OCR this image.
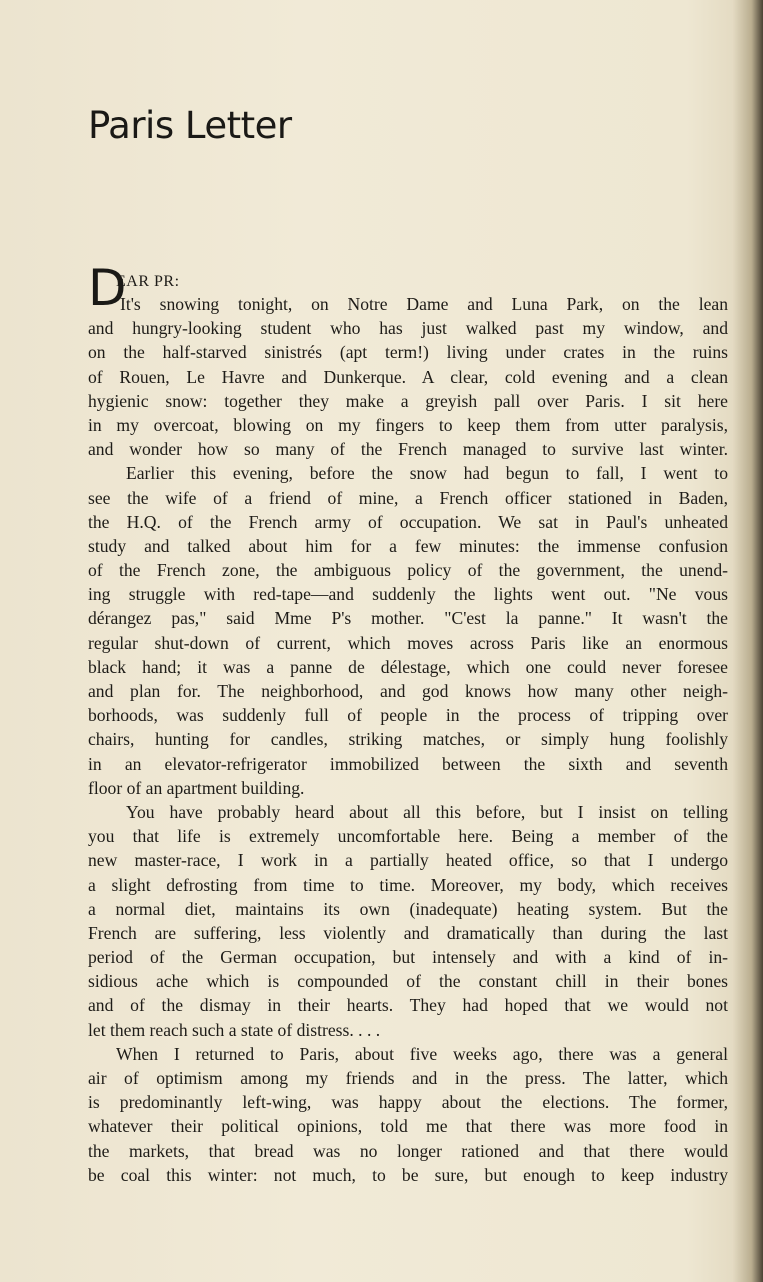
Paris Letter
D
EAR PR:
It's snowing tonight, on Notre Dame and Luna Park, on the lean
and hungry-looking student who has just walked past my window, and
on the half-starved sinistrés (apt term!) living under crates in the ruins
of Rouen, Le Havre and Dunkerque. A clear, cold evening and a clean
hygienic snow: together they make a greyish pall over Paris. I sit here
in my overcoat, blowing on my fingers to keep them from utter paralysis,
and wonder how so many of the French managed to survive last winter.
Earlier this evening, before the snow had begun to fall, I went to
see the wife of a friend of mine, a French officer stationed in Baden,
the H.Q. of the French army of occupation. We sat in Paul's unheated
study and talked about him for a few minutes: the immense confusion
of the French zone, the ambiguous policy of the government, the unend-
ing struggle with red-tape—and suddenly the lights went out. "Ne vous
dérangez pas," said Mme P's mother. "C'est la panne." It wasn't the
regular shut-down of current, which moves across Paris like an enormous
black hand; it was a panne de délestage, which one could never foresee
and plan for. The neighborhood, and god knows how many other neigh-
borhoods, was suddenly full of people in the process of tripping over
chairs, hunting for candles, striking matches, or simply hung foolishly
in an elevator-refrigerator immobilized between the sixth and seventh
floor of an apartment building.
You have probably heard about all this before, but I insist on telling
you that life is extremely uncomfortable here. Being a member of the
new master-race, I work in a partially heated office, so that I undergo
a slight defrosting from time to time. Moreover, my body, which receives
a normal diet, maintains its own (inadequate) heating system. But the
French are suffering, less violently and dramatically than during the last
period of the German occupation, but intensely and with a kind of in-
sidious ache which is compounded of the constant chill in their bones
and of the dismay in their hearts. They had hoped that we would not
let them reach such a state of distress. . . .
When I returned to Paris, about five weeks ago, there was a general
air of optimism among my friends and in the press. The latter, which
is predominantly left-wing, was happy about the elections. The former,
whatever their political opinions, told me that there was more food in
the markets, that bread was no longer rationed and that there would
be coal this winter: not much, to be sure, but enough to keep industry
